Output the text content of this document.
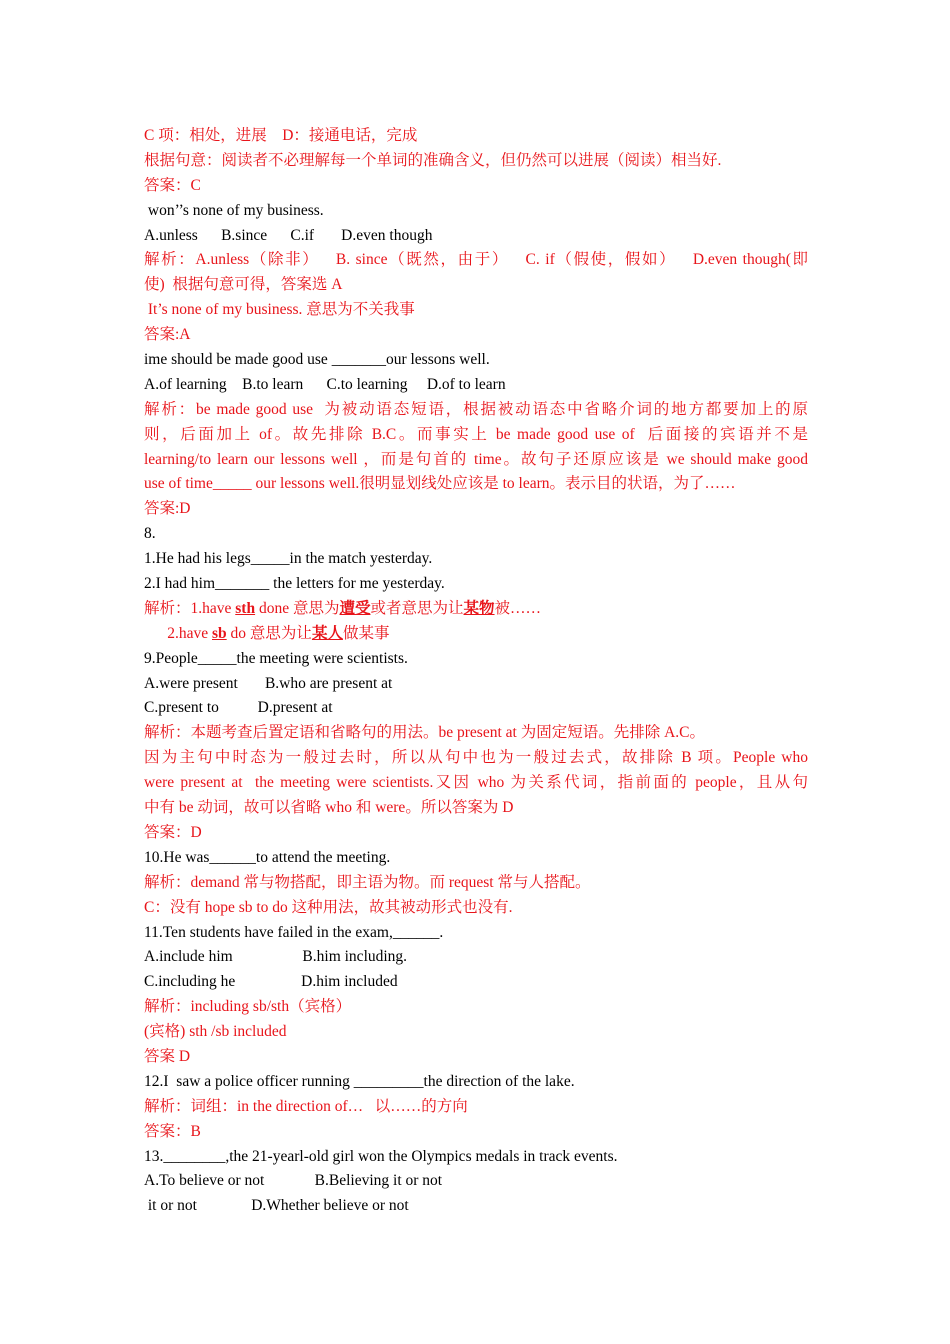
C 项：相处，进展    D：接通电话，完成
根据句意：阅读者不必理解每一个单词的准确含义，但仍然可以进展（阅读）相当好.
答案：C
won’’s none of my business.
A.unless      B.since      C.if       D.even though
解析：A.unless（除非）   B. since（既然，由于）   C. if（假使，假如）   D.even though(即
使)  根据句意可得，答案选 A
It’s none of my business. 意思为不关我事
答案:A
ime should be made good use _______our lessons well.
A.of learning    B.to learn      C.to learning     D.of to learn
解析：be made good use  为被动语态短语，根据被动语态中省略介词的地方都要加上的原
则，后面加上 of。故先排除 B.C。而事实上 be made good use of  后面接的宾语并不是
learning/to learn our lessons well ，而是句首的 time。故句子还原应该是 we should make good
use of time_____ our lessons well.很明显划线处应该是 to learn。表示目的状语，为了……
答案:D
8.
1.He had his legs_____in the match yesterday.
2.I had him_______ the letters for me yesterday.
解析：1.have sth done 意思为遭受或者意思为让某物被……
2.have sb do 意思为让某人做某事
9.People_____the meeting were scientists.
A.were present       B.who are present at
C.present to          D.present at
解析：本题考查后置定语和省略句的用法。be present at 为固定短语。先排除 A.C。
因为主句中时态为一般过去时，所以从句中也为一般过去式，故排除 B 项。People who
were present at  the meeting were scientists.又因 who 为关系代词，指前面的 people，且从句
中有 be 动词，故可以省略 who 和 were。所以答案为 D
答案：D
10.He was______to attend the meeting.
解析：demand 常与物搭配，即主语为物。而 request 常与人搭配。
C：没有 hope sb to do 这种用法，故其被动形式也没有.
11.Ten students have failed in the exam,______.
A.include him                  B.him including.
C.including he                 D.him included
解析：including sb/sth（宾格）
(宾格) sth /sb included
答案 D
12.I  saw a police officer running _________the direction of the lake.
解析：词组：in the direction of…   以……的方向
答案：B
13.________,the 21-yearl-old girl won the Olympics medals in track events.
A.To believe or not             B.Believing it or not
it or not              D.Whether believe or not
